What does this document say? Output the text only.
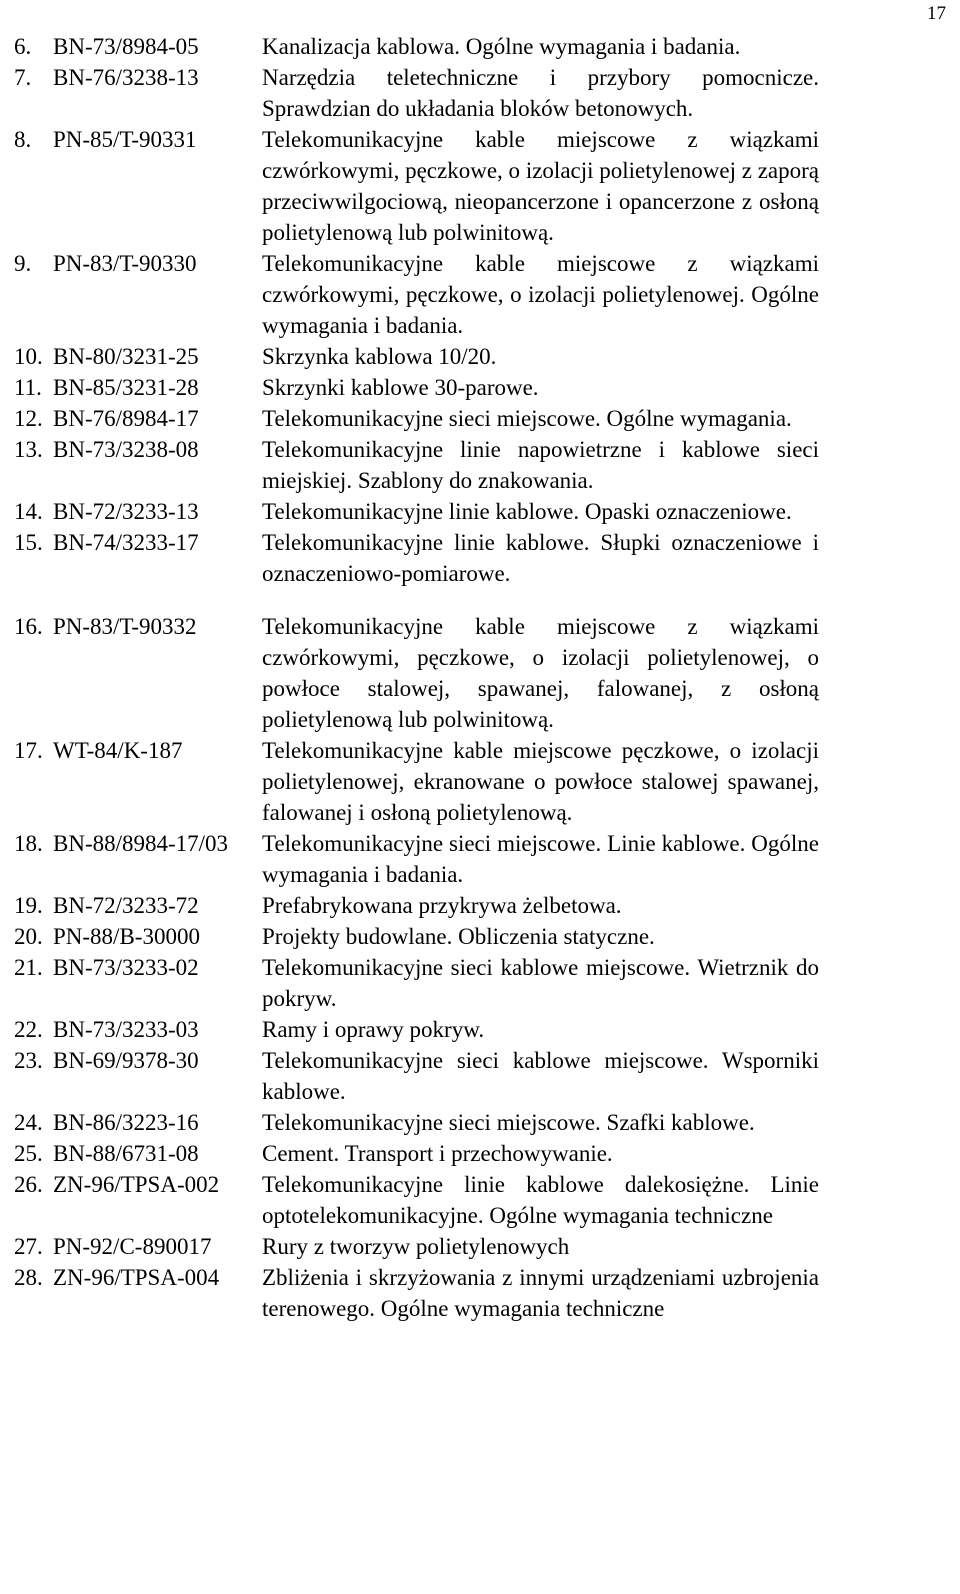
17
6. BN-73/8984-05	Kanalizacja kablowa. Ogólne wymagania i badania.
7. BN-76/3238-13	Narzędzia teletechniczne i przybory pomocnicze. Sprawdzian do układania bloków betonowych.
8. PN-85/T-90331	Telekomunikacyjne kable miejscowe z wiązkami czwórkowymi, pęczkowe, o izolacji polietylenowej z zaporą przeciwwilgociową, nieopancerzone i opancerzone z osłoną polietylenową lub polwinitową.
9. PN-83/T-90330	Telekomunikacyjne kable miejscowe z wiązkami czwórkowymi, pęczkowe, o izolacji polietylenowej. Ogólne wymagania i badania.
10. BN-80/3231-25	Skrzynka kablowa 10/20.
11. BN-85/3231-28	Skrzynki kablowe 30-parowe.
12. BN-76/8984-17	Telekomunikacyjne sieci miejscowe. Ogólne wymagania.
13. BN-73/3238-08	Telekomunikacyjne linie napowietrzne i kablowe sieci miejskiej. Szablony do znakowania.
14. BN-72/3233-13	Telekomunikacyjne linie kablowe. Opaski oznaczeniowe.
15. BN-74/3233-17	Telekomunikacyjne linie kablowe. Słupki oznaczeniowe i oznaczeniowo-pomiarowe.
16. PN-83/T-90332	Telekomunikacyjne kable miejscowe z wiązkami czwórkowymi, pęczkowe, o izolacji polietylenowej, o powłoce stalowej, spawanej, falowanej, z osłoną polietylenową lub polwinitową.
17. WT-84/K-187	Telekomunikacyjne kable miejscowe pęczkowe, o izolacji polietylenowej, ekranowane o powłoce stalowej spawanej, falowanej i osłoną polietylenową.
18. BN-88/8984-17/03	Telekomunikacyjne sieci miejscowe. Linie kablowe. Ogólne wymagania i badania.
19. BN-72/3233-72	Prefabrykowana przykrywa żelbetowa.
20. PN-88/B-30000	Projekty budowlane. Obliczenia statyczne.
21. BN-73/3233-02	Telekomunikacyjne sieci kablowe miejscowe. Wietrznik do pokryw.
22. BN-73/3233-03	Ramy i oprawy pokryw.
23. BN-69/9378-30	Telekomunikacyjne sieci kablowe miejscowe. Wsporniki kablowe.
24. BN-86/3223-16	Telekomunikacyjne sieci miejscowe. Szafki kablowe.
25. BN-88/6731-08	Cement. Transport i przechowywanie.
26. ZN-96/TPSA-002	Telekomunikacyjne linie kablowe dalekosiężne. Linie optotelekomunikacyjne. Ogólne wymagania techniczne
27. PN-92/C-890017	Rury z tworzyw polietylenowych
28. ZN-96/TPSA-004	Zbliżenia i skrzyżowania z innymi urządzeniami uzbrojenia terenowego. Ogólne wymagania techniczne
